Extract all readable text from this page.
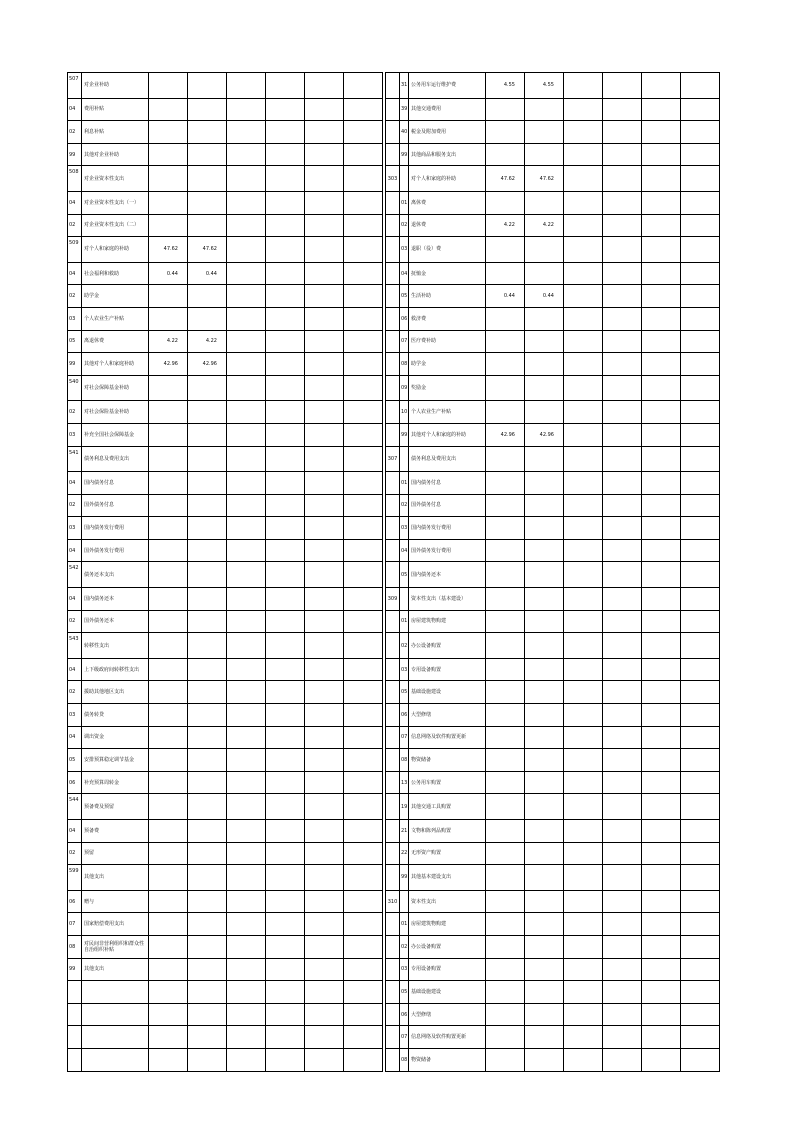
507	对企业补助									31	公务用车运行维护费	4.55	4.55				
04	费用补贴									39	其他交通费用						
02	利息补贴									40	税金及附加费用						
99	其他对企业补助									99	其他商品和服务支出						
508	对企业资本性支出								303		对个人和家庭的补助	47.62	47.62				
04	对企业资本性支出（一）									01	离休费						
02	对企业资本性支出（二）									02	退休费	4.22	4.22				
509	对个人和家庭的补助	47.62	47.62							03	退职（役）费						
04	社会福利和救助	0.44	0.44							04	抚恤金						
02	助学金									05	生活补助	0.44	0.44				
03	个人农业生产补贴									06	救济费						
05	离退休费	4.22	4.22							07	医疗费补助						
99	其他对个人和家庭补助	42.96	42.96							08	助学金						
540	对社会保障基金补助									09	奖励金						
02	对社会保险基金补助									10	个人农业生产补贴						
03	补充全国社会保障基金									99	其他对个人和家庭的补助	42.96	42.96				
541	债务利息及费用支出								307		债务利息及费用支出						
04	国内债务付息									01	国内债务付息						
02	国外债务付息									02	国外债务付息						
03	国内债务发行费用									03	国内债务发行费用						
04	国外债务发行费用									04	国外债务发行费用						
542	债务还本支出									05	国内债务还本						
04	国内债务还本								309		资本性支出（基本建设）						
02	国外债务还本									01	房屋建筑物购建						
543	转移性支出									02	办公设备购置						
04	上下级政府间转移性支出									03	专用设备购置						
02	援助其他地区支出									05	基础设施建设						
03	债务转贷									06	大型修缮						
04	调出资金									07	信息网络及软件购置更新						
05	安排预算稳定调节基金									08	物资储备						
06	补充预算周转金									13	公务用车购置						
544	预备费及预留									19	其他交通工具购置						
04	预备费									21	文物和陈列品购置						
02	预留									22	无形资产购置						
599	其他支出									99	其他基本建设支出						
06	赠与								310		资本性支出						
07	国家赔偿费用支出									01	房屋建筑物购建						
08	对民间非营利组织和群众性自治组织补贴									02	办公设备购置						
99	其他支出									03	专用设备购置						
										05	基础设施建设						
										06	大型修缮						
										07	信息网络及软件购置更新						
										08	物资储备						
